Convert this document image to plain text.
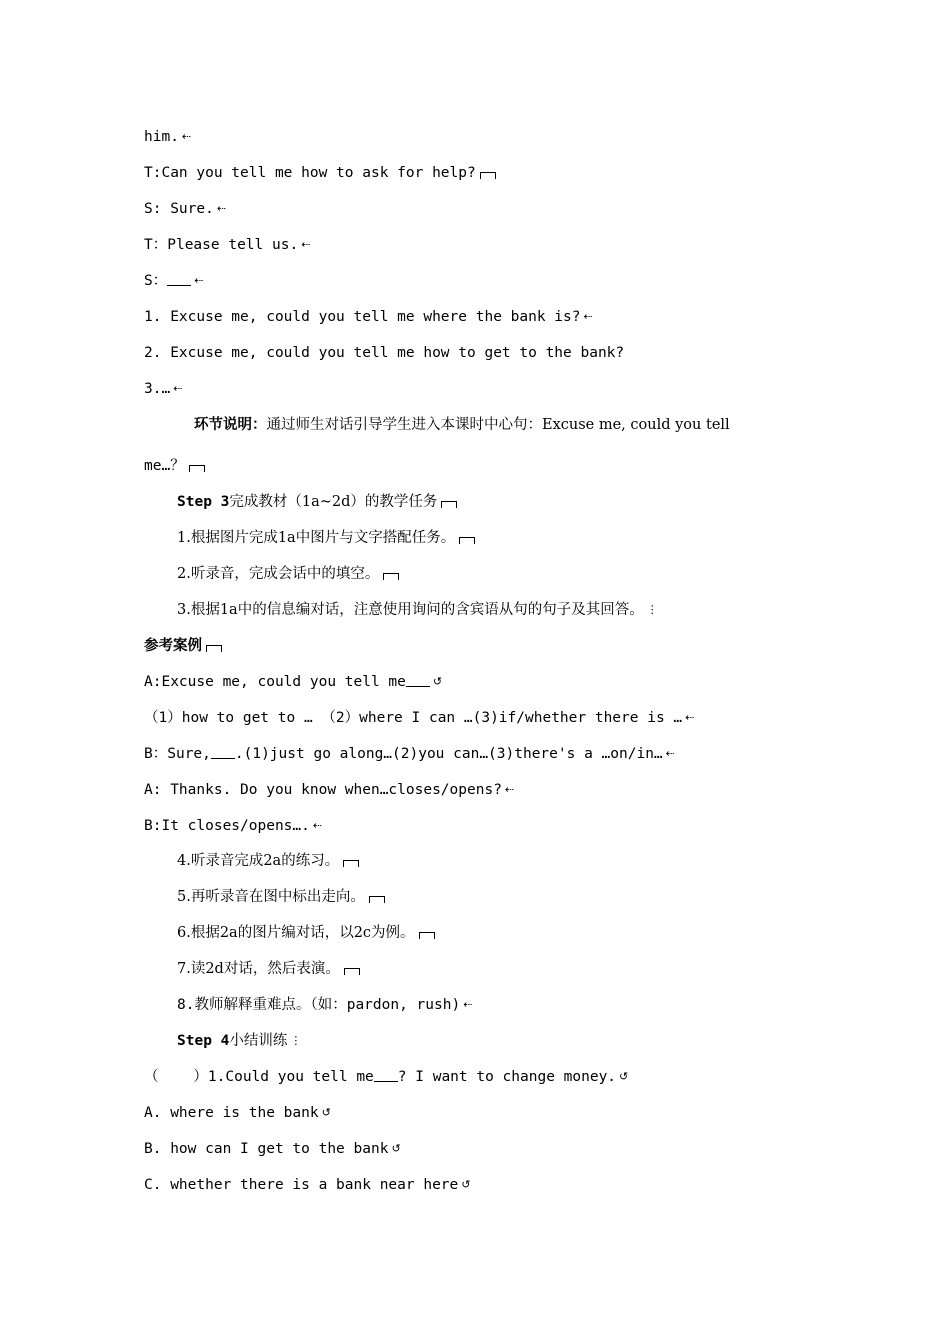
him. ⇠
T:Can you tell me how to ask for help?
S: Sure. ⇠
T：Please tell us. ⇠
S： ⇠
1. Excuse me, could you tell me where the bank is? ⇠
2. Excuse me, could you tell me how to get to the bank?
3.… ⇠
环节说明：通过师生对话引导学生进入本课时中心句：Excuse me, could you tell
me…？
Step 3完成教材（1a~2d）的教学任务
1.根据图片完成1a中图片与文字搭配任务。
2.听录音，完成会话中的填空。
3.根据1a中的信息编对话，注意使用询问的含宾语从句的句子及其回答。 ⋮
参考案例
A:Excuse me, could you tell me ↺
（1）how to get to … （2）where I can …(3)if/whether there is … ⇠
B：Sure, .(1)just go along…(2)you can…(3)there's a …on/in… ⇠
A: Thanks. Do you know when…closes/opens? ⇠
B:It closes/opens…. ⇠
4.听录音完成2a的练习。
5.再听录音在图中标出走向。
6.根据2a的图片编对话，以2c为例。
7.读2d对话，然后表演。
8.教师解释重难点。（如：pardon, rush) ⇠
Step 4小结训练 ⋮
（    ）1.Could you tell me ? I want to change money. ↺
A. where is the bank ↺
B. how can I get to the bank ↺
C. whether there is a bank near here ↺
